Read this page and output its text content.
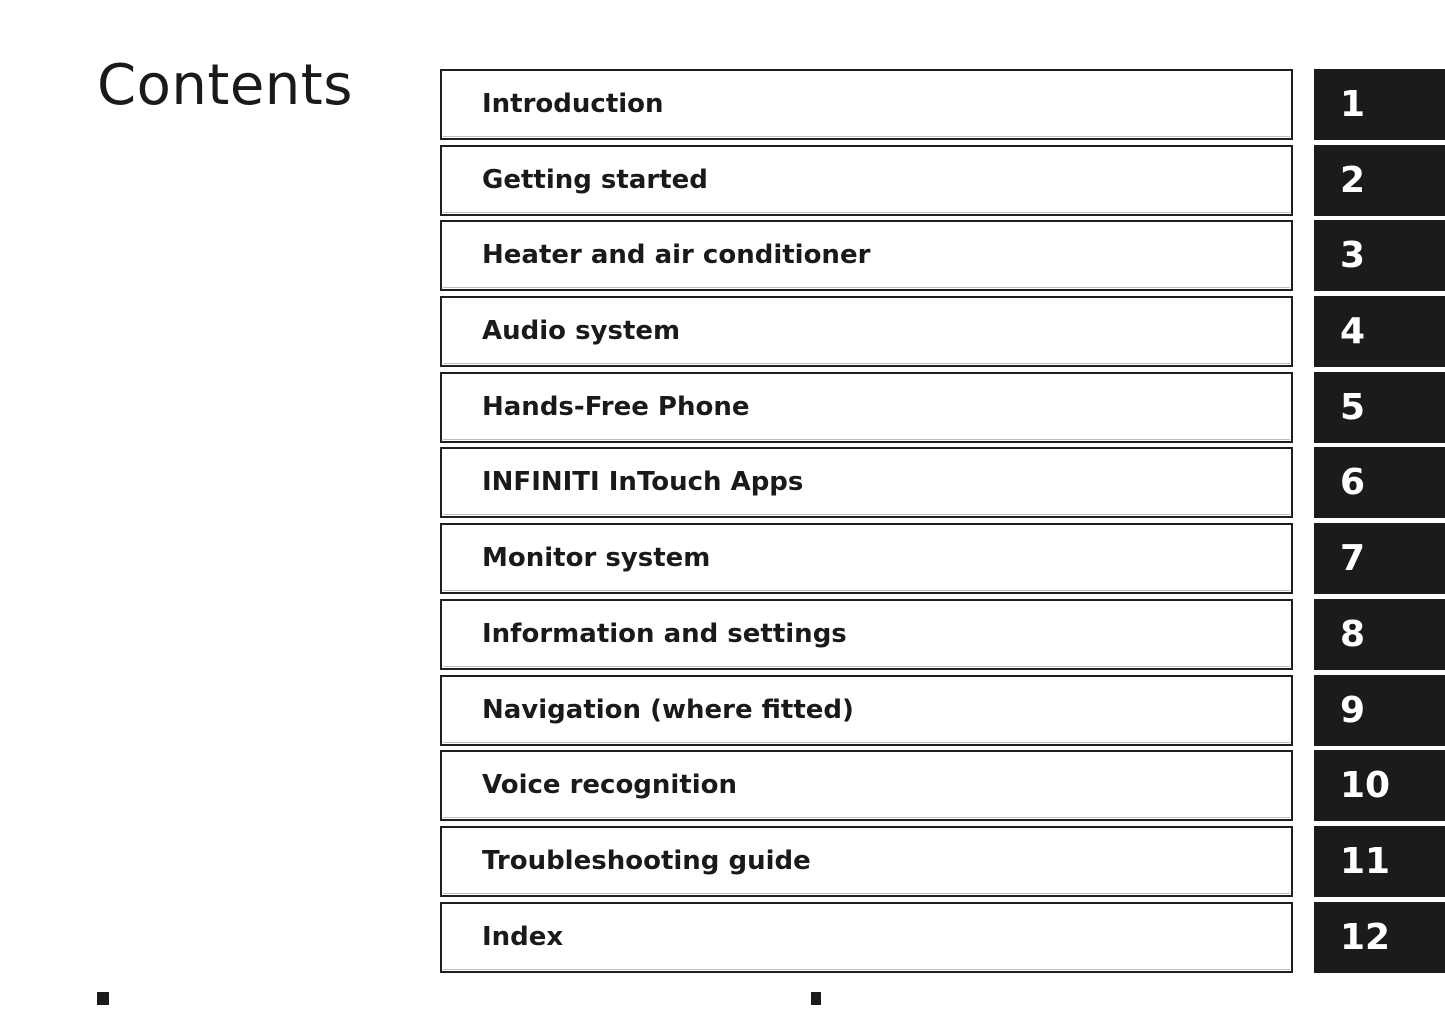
Contents	Introduction	1
Getting started	2
Heater and air conditioner	3
Audio system	4
Hands-Free Phone	5
INFINITI InTouch Apps	6
Monitor system	7
Information and settings	8
Navigation (where fitted)	9
Voice recognition	10
Troubleshooting guide	11
Index	12
